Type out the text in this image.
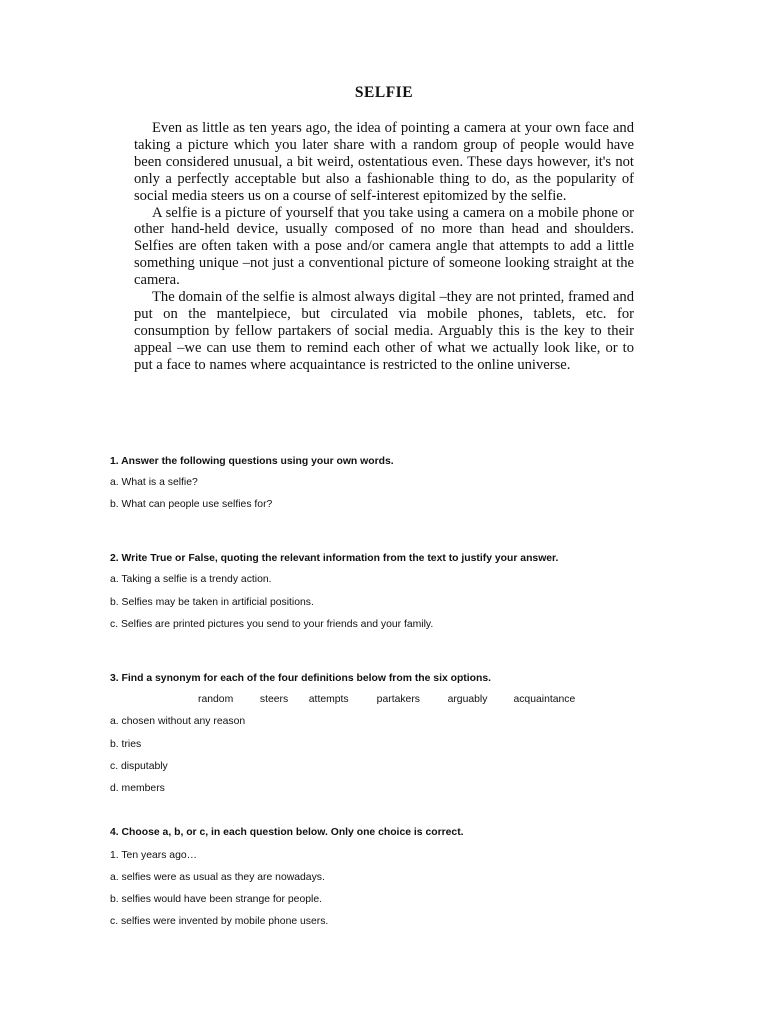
SELFIE

Even as little as ten years ago, the idea of pointing a camera at your own face and taking a picture which you later share with a random group of people would have been considered unusual, a bit weird, ostentatious even. These days however, it's not only a perfectly acceptable but also a fashionable thing to do, as the popularity of social media steers us on a course of self-interest epitomized by the selfie.

A selfie is a picture of yourself that you take using a camera on a mobile phone or other hand-held device, usually composed of no more than head and shoulders. Selfies are often taken with a pose and/or camera angle that attempts to add a little something unique –not just a conventional picture of someone looking straight at the camera.

The domain of the selfie is almost always digital –they are not printed, framed and put on the mantelpiece, but circulated via mobile phones, tablets, etc. for consumption by fellow partakers of social media. Arguably this is the key to their appeal –we can use them to remind each other of what we actually look like, or to put a face to names where acquaintance is restricted to the online universe.

1. Answer the following questions using your own words.
a. What is a selfie?
b. What can people use selfies for?
2. Write True or False, quoting the relevant information from the text to justify your answer.
a. Taking a selfie is a trendy action.
b. Selfies may be taken in artificial positions.
c. Selfies are printed pictures you send to your friends and your family.
3. Find a synonym for each of the four definitions below from the six options.
random	steers attempts	partakers	arguably	acquaintance
a. chosen without any reason
b. tries
c. disputably
d. members
4. Choose a, b, or c, in each question below. Only one choice is correct.
1. Ten years ago…
a. selfies were as usual as they are nowadays.
b. selfies would have been strange for people.
c. selfies were invented by mobile phone users.
